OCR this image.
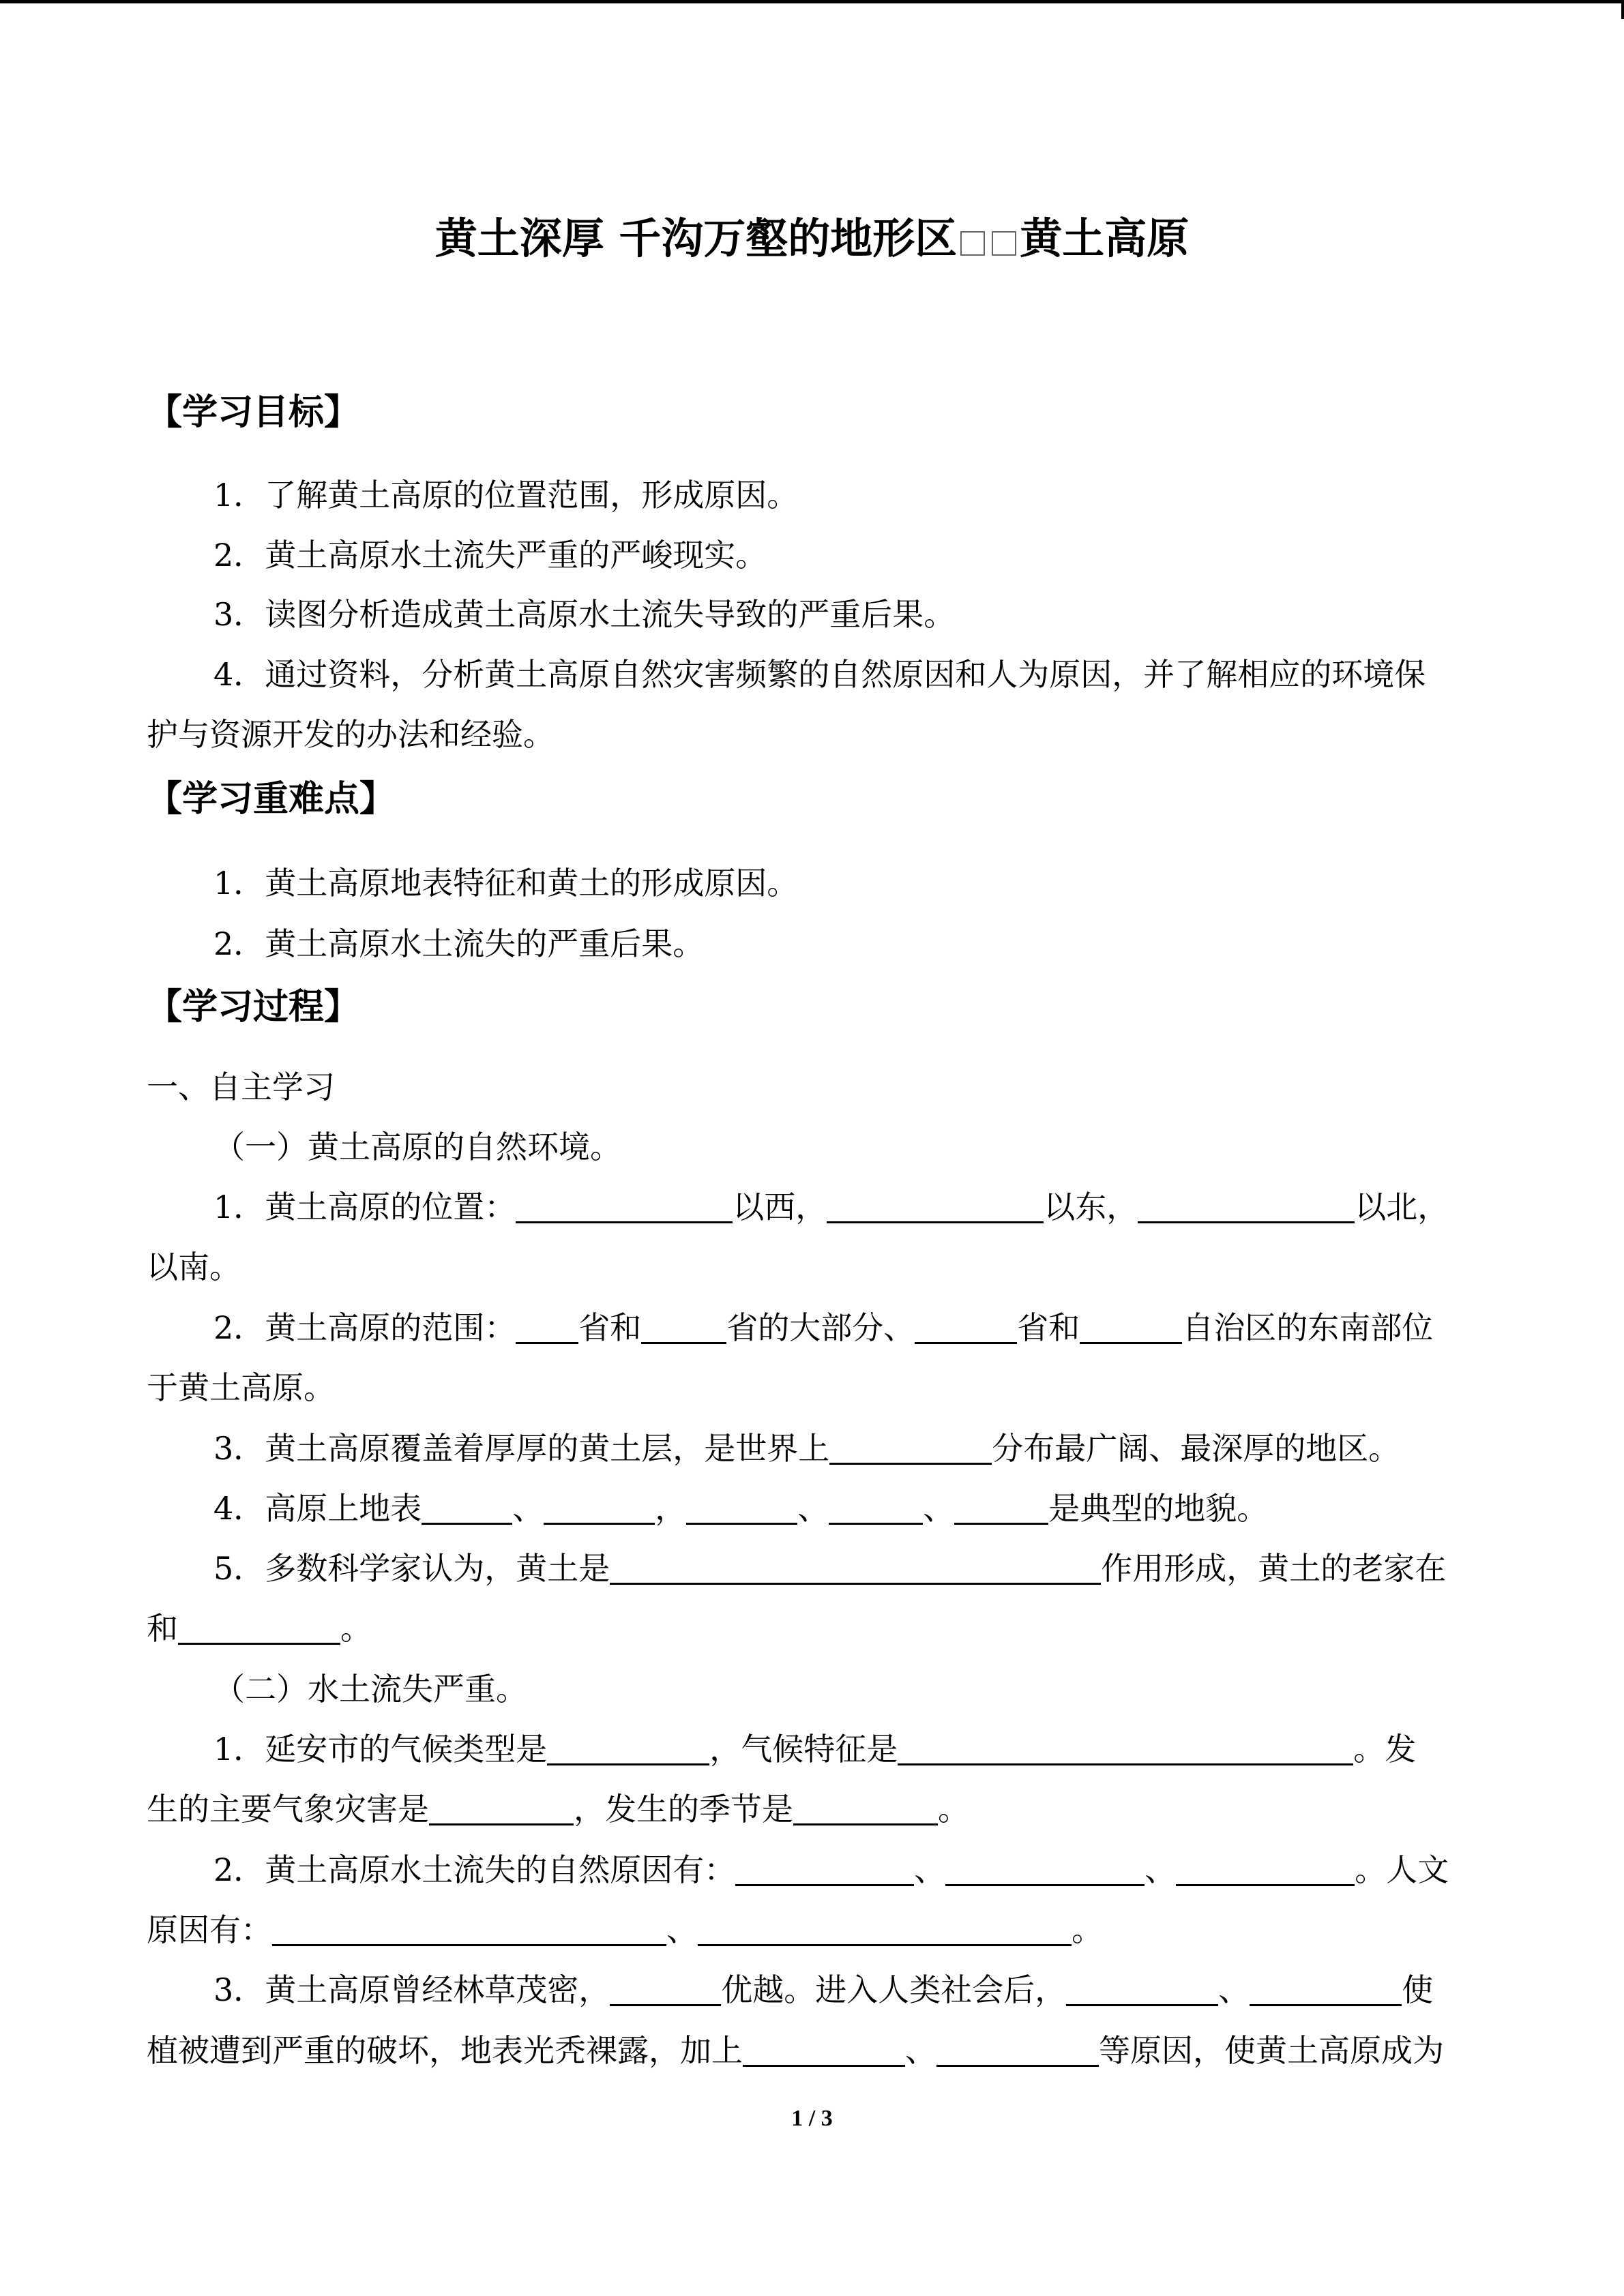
黄土深厚 千沟万壑的地形区 黄土高原
【学习目标】
1．了解黄土高原的位置范围，形成原因。
2．黄土高原水土流失严重的严峻现实。
3．读图分析造成黄土高原水土流失导致的严重后果。
4．通过资料，分析黄土高原自然灾害频繁的自然原因和人为原因，并了解相应的环境保
护与资源开发的办法和经验。
【学习重难点】
1．黄土高原地表特征和黄土的形成原因。
2．黄土高原水土流失的严重后果。
【学习过程】
一、自主学习
（一）黄土高原的自然环境。
1．黄土高原的位置：	以西，	以东，	以北，
以南。
2．黄土高原的范围： 省和	省的大部分、	省和	自治区的东南部位
于黄土高原。
3．黄土高原覆盖着厚厚的黄土层，是世界上	分布最广阔、最深厚的地区。
4．高原上地表	、	，	、	、	是典型的地貌。
5．多数科学家认为，黄土是	作用形成，黄土的老家在
和	。
（二）水土流失严重。
1．延安市的气候类型是	，气候特征是	。发
生的主要气象灾害是	，发生的季节是	。
2．黄土高原水土流失的自然原因有：	、	、	。人文
原因有：	、	。
3．黄土高原曾经林草茂密，	优越。进入人类社会后，	、	使
植被遭到严重的破坏，地表光秃裸露，加上	、	等原因，使黄土高原成为
1 / 3
